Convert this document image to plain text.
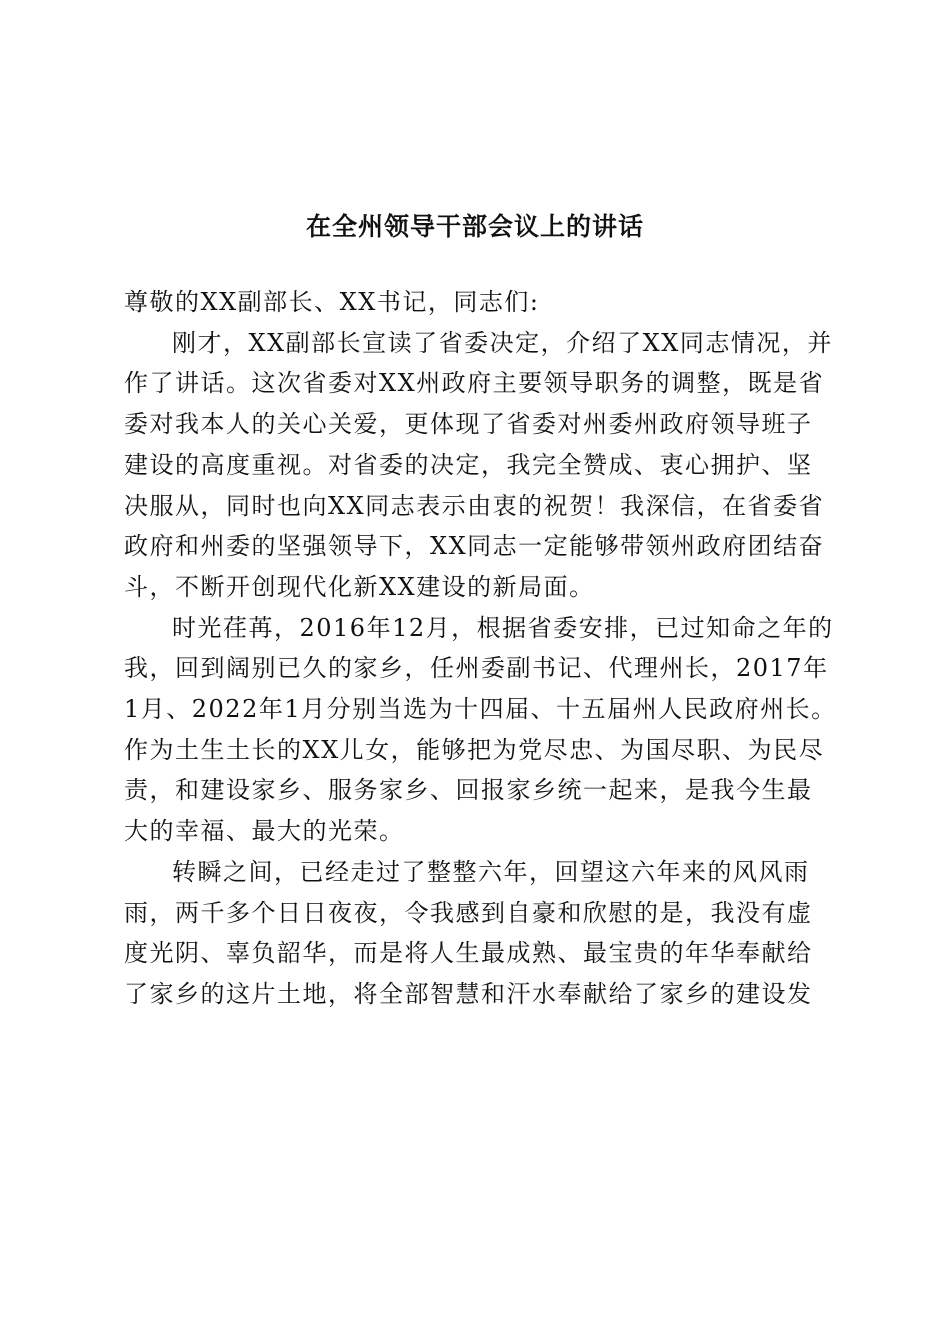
在全州领导干部会议上的讲话

尊敬的XX副部长、XX书记，同志们:

刚才，XX副部长宣读了省委决定，介绍了XX同志情况，并
作了讲话。这次省委对XX州政府主要领导职务的调整，既是省
委对我本人的关心关爱，更体现了省委对州委州政府领导班子
建设的高度重视。对省委的决定，我完全赞成、衷心拥护、坚
决服从，同时也向XX同志表示由衷的祝贺！我深信，在省委省
政府和州委的坚强领导下，XX同志一定能够带领州政府团结奋
斗，不断开创现代化新XX建设的新局面。

时光荏苒，2016年12月，根据省委安排，已过知命之年的
我，回到阔别已久的家乡，任州委副书记、代理州长，2017年
1月、2022年1月分别当选为十四届、十五届州人民政府州长。
作为土生土长的XX儿女，能够把为党尽忠、为国尽职、为民尽
责，和建设家乡、服务家乡、回报家乡统一起来，是我今生最
大的幸福、最大的光荣。

转瞬之间，已经走过了整整六年，回望这六年来的风风雨
雨，两千多个日日夜夜，令我感到自豪和欣慰的是，我没有虚
度光阴、辜负韶华，而是将人生最成熟、最宝贵的年华奉献给
了家乡的这片土地，将全部智慧和汗水奉献给了家乡的建设发
